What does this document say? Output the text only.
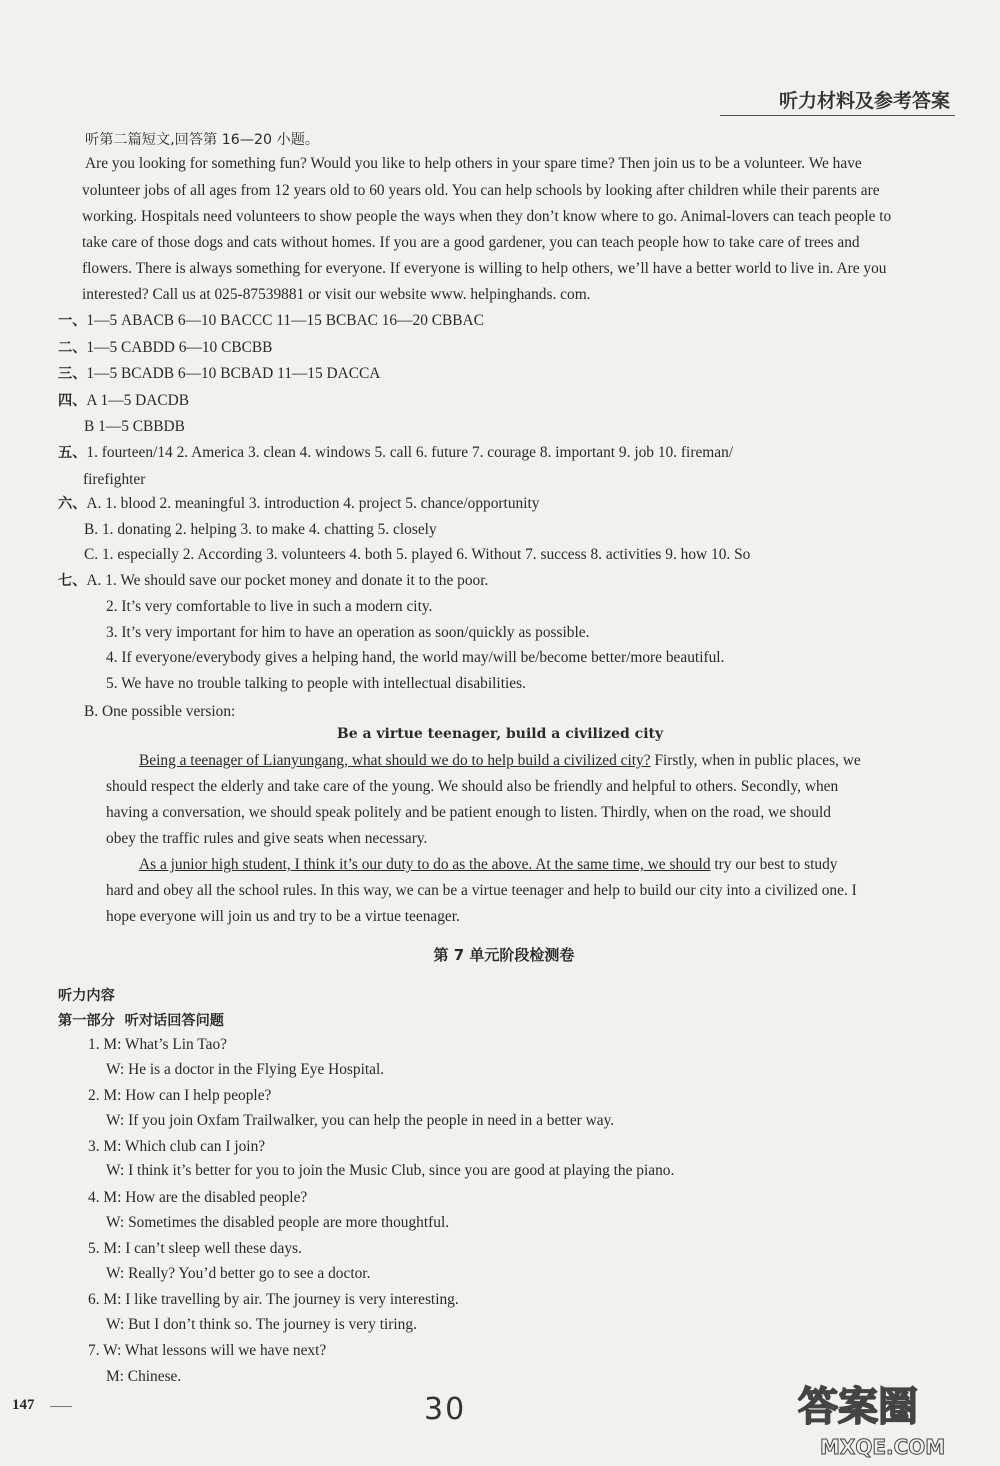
听力材料及参考答案
听第二篇短文,回答第 16—20 小题。
Are you looking for something fun? Would you like to help others in your spare time? Then join us to be a volunteer. We have
volunteer jobs of all ages from 12 years old to 60 years old. You can help schools by looking after children while their parents are
working. Hospitals need volunteers to show people the ways when they don’t know where to go. Animal-lovers can teach people to
take care of those dogs and cats without homes. If you are a good gardener, you can teach people how to take care of trees and
flowers. There is always something for everyone. If everyone is willing to help others, we’ll have a better world to live in. Are you
interested? Call us at 025-87539881 or visit our website www. helpinghands. com.
一、1—5 ABACB 6—10 BACCC 11—15 BCBAC 16—20 CBBAC
二、1—5 CABDD 6—10 CBCBB
三、1—5 BCADB 6—10 BCBAD 11—15 DACCA
四、A 1—5 DACDB
B 1—5 CBBDB
五、1. fourteen/14 2. America 3. clean 4. windows 5. call 6. future 7. courage 8. important 9. job 10. fireman/
firefighter
六、A. 1. blood 2. meaningful 3. introduction 4. project 5. chance/opportunity
B. 1. donating 2. helping 3. to make 4. chatting 5. closely
C. 1. especially 2. According 3. volunteers 4. both 5. played 6. Without 7. success 8. activities 9. how 10. So
七、A. 1. We should save our pocket money and donate it to the poor.
2. It’s very comfortable to live in such a modern city.
3. It’s very important for him to have an operation as soon/quickly as possible.
4. If everyone/everybody gives a helping hand, the world may/will be/become better/more beautiful.
5. We have no trouble talking to people with intellectual disabilities.
B. One possible version:
Be a virtue teenager, build a civilized city
Being a teenager of Lianyungang, what should we do to help build a civilized city? Firstly, when in public places, we
should respect the elderly and take care of the young. We should also be friendly and helpful to others. Secondly, when
having a conversation, we should speak politely and be patient enough to listen. Thirdly, when on the road, we should
obey the traffic rules and give seats when necessary.
As a junior high student, I think it’s our duty to do as the above. At the same time, we should try our best to study
hard and obey all the school rules. In this way, we can be a virtue teenager and help to build our city into a civilized one. I
hope everyone will join us and try to be a virtue teenager.
第 7 单元阶段检测卷
听力内容
第一部分 听对话回答问题
1. M: What’s Lin Tao?
W: He is a doctor in the Flying Eye Hospital.
2. M: How can I help people?
W: If you join Oxfam Trailwalker, you can help the people in need in a better way.
3. M: Which club can I join?
W: I think it’s better for you to join the Music Club, since you are good at playing the piano.
4. M: How are the disabled people?
W: Sometimes the disabled people are more thoughtful.
5. M: I can’t sleep well these days.
W: Really? You’d better go to see a doctor.
6. M: I like travelling by air. The journey is very interesting.
W: But I don’t think so. The journey is very tiring.
7. W: What lessons will we have next?
M: Chinese.
147	30	答案圈
MXQE.COM
